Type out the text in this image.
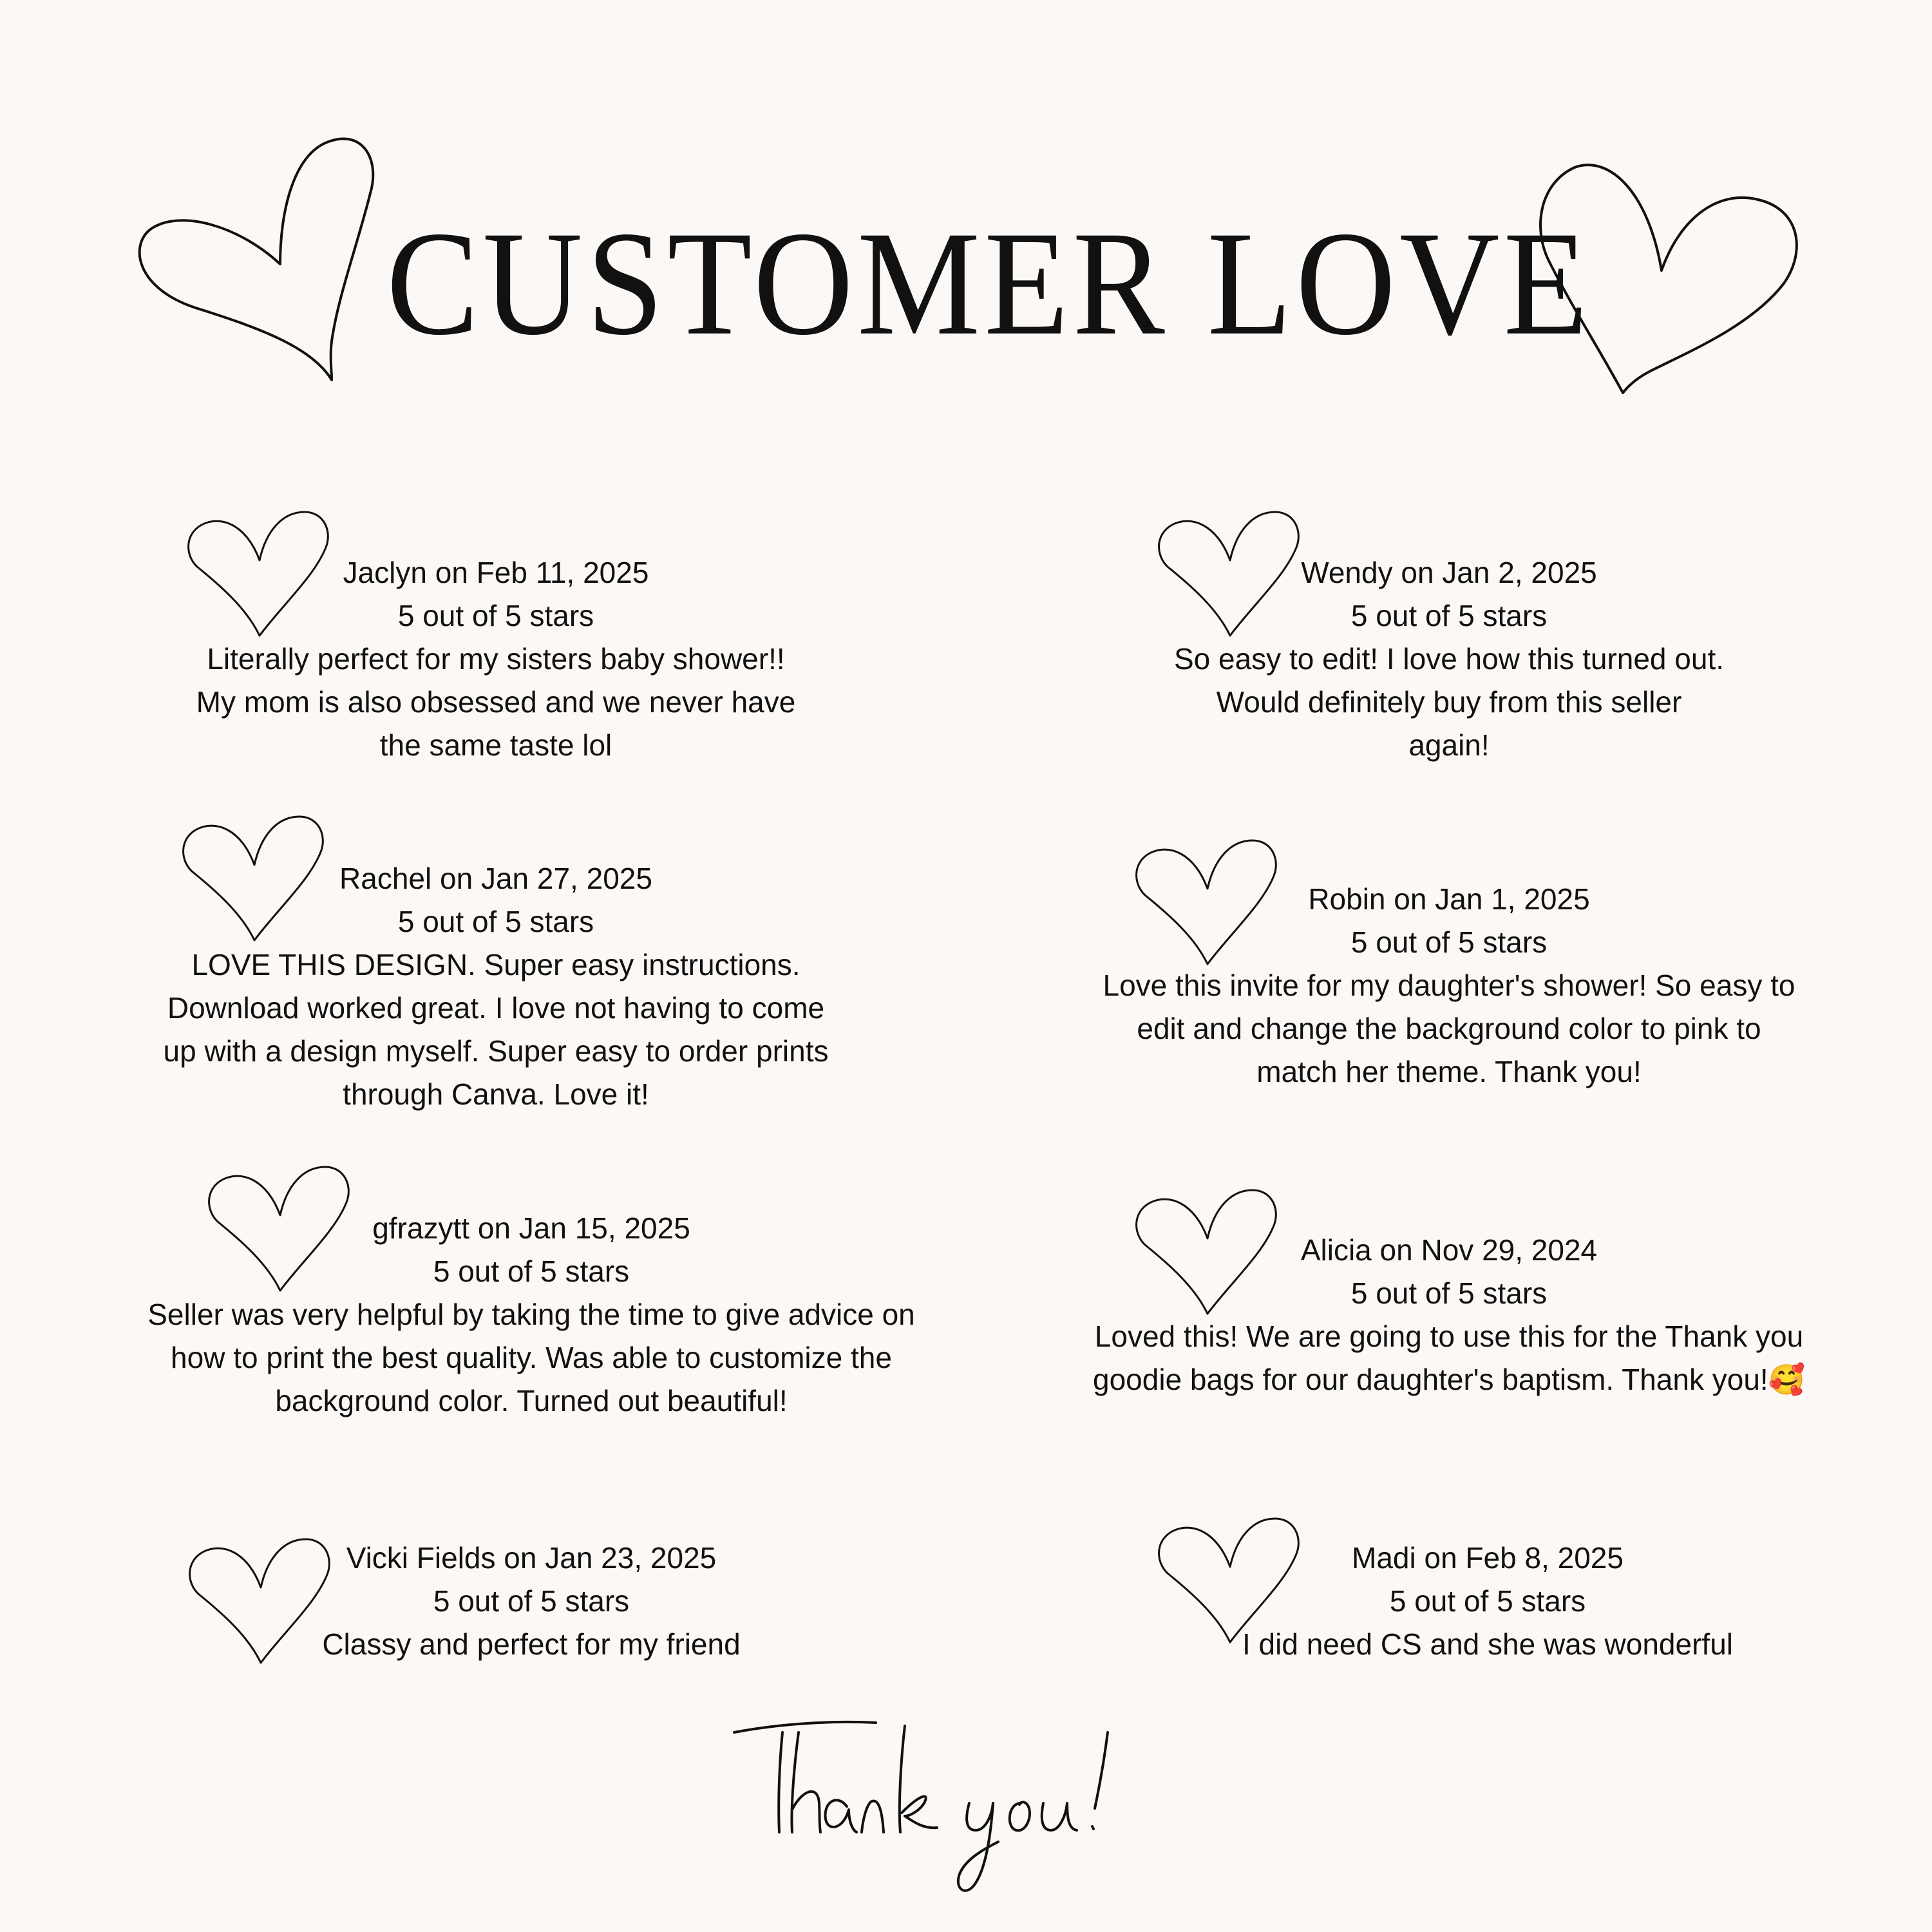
CUSTOMER LOVE
Jaclyn on Feb 11, 2025
5 out of 5 stars
Literally perfect for my sisters baby shower!!
My mom is also obsessed and we never have
the same taste lol
Wendy on Jan 2, 2025
5 out of 5 stars
So easy to edit! I love how this turned out.
Would definitely buy from this seller
again!
Rachel on Jan 27, 2025
5 out of 5 stars
LOVE THIS DESIGN. Super easy instructions.
Download worked great. I love not having to come
up with a design myself. Super easy to order prints
through Canva. Love it!
Robin on Jan 1, 2025
5 out of 5 stars
Love this invite for my daughter's shower! So easy to
edit and change the background color to pink to
match her theme. Thank you!
gfrazytt on Jan 15, 2025
5 out of 5 stars
Seller was very helpful by taking the time to give advice on
how to print the best quality. Was able to customize the
background color. Turned out beautiful!
Alicia on Nov 29, 2024
5 out of 5 stars
Loved this! We are going to use this for the Thank you
goodie bags for our daughter's baptism. Thank you!🥰
Vicki Fields on Jan 23, 2025
5 out of 5 stars
Classy and perfect for my friend
Madi on Feb 8, 2025
5 out of 5 stars
I did need CS and she was wonderful
